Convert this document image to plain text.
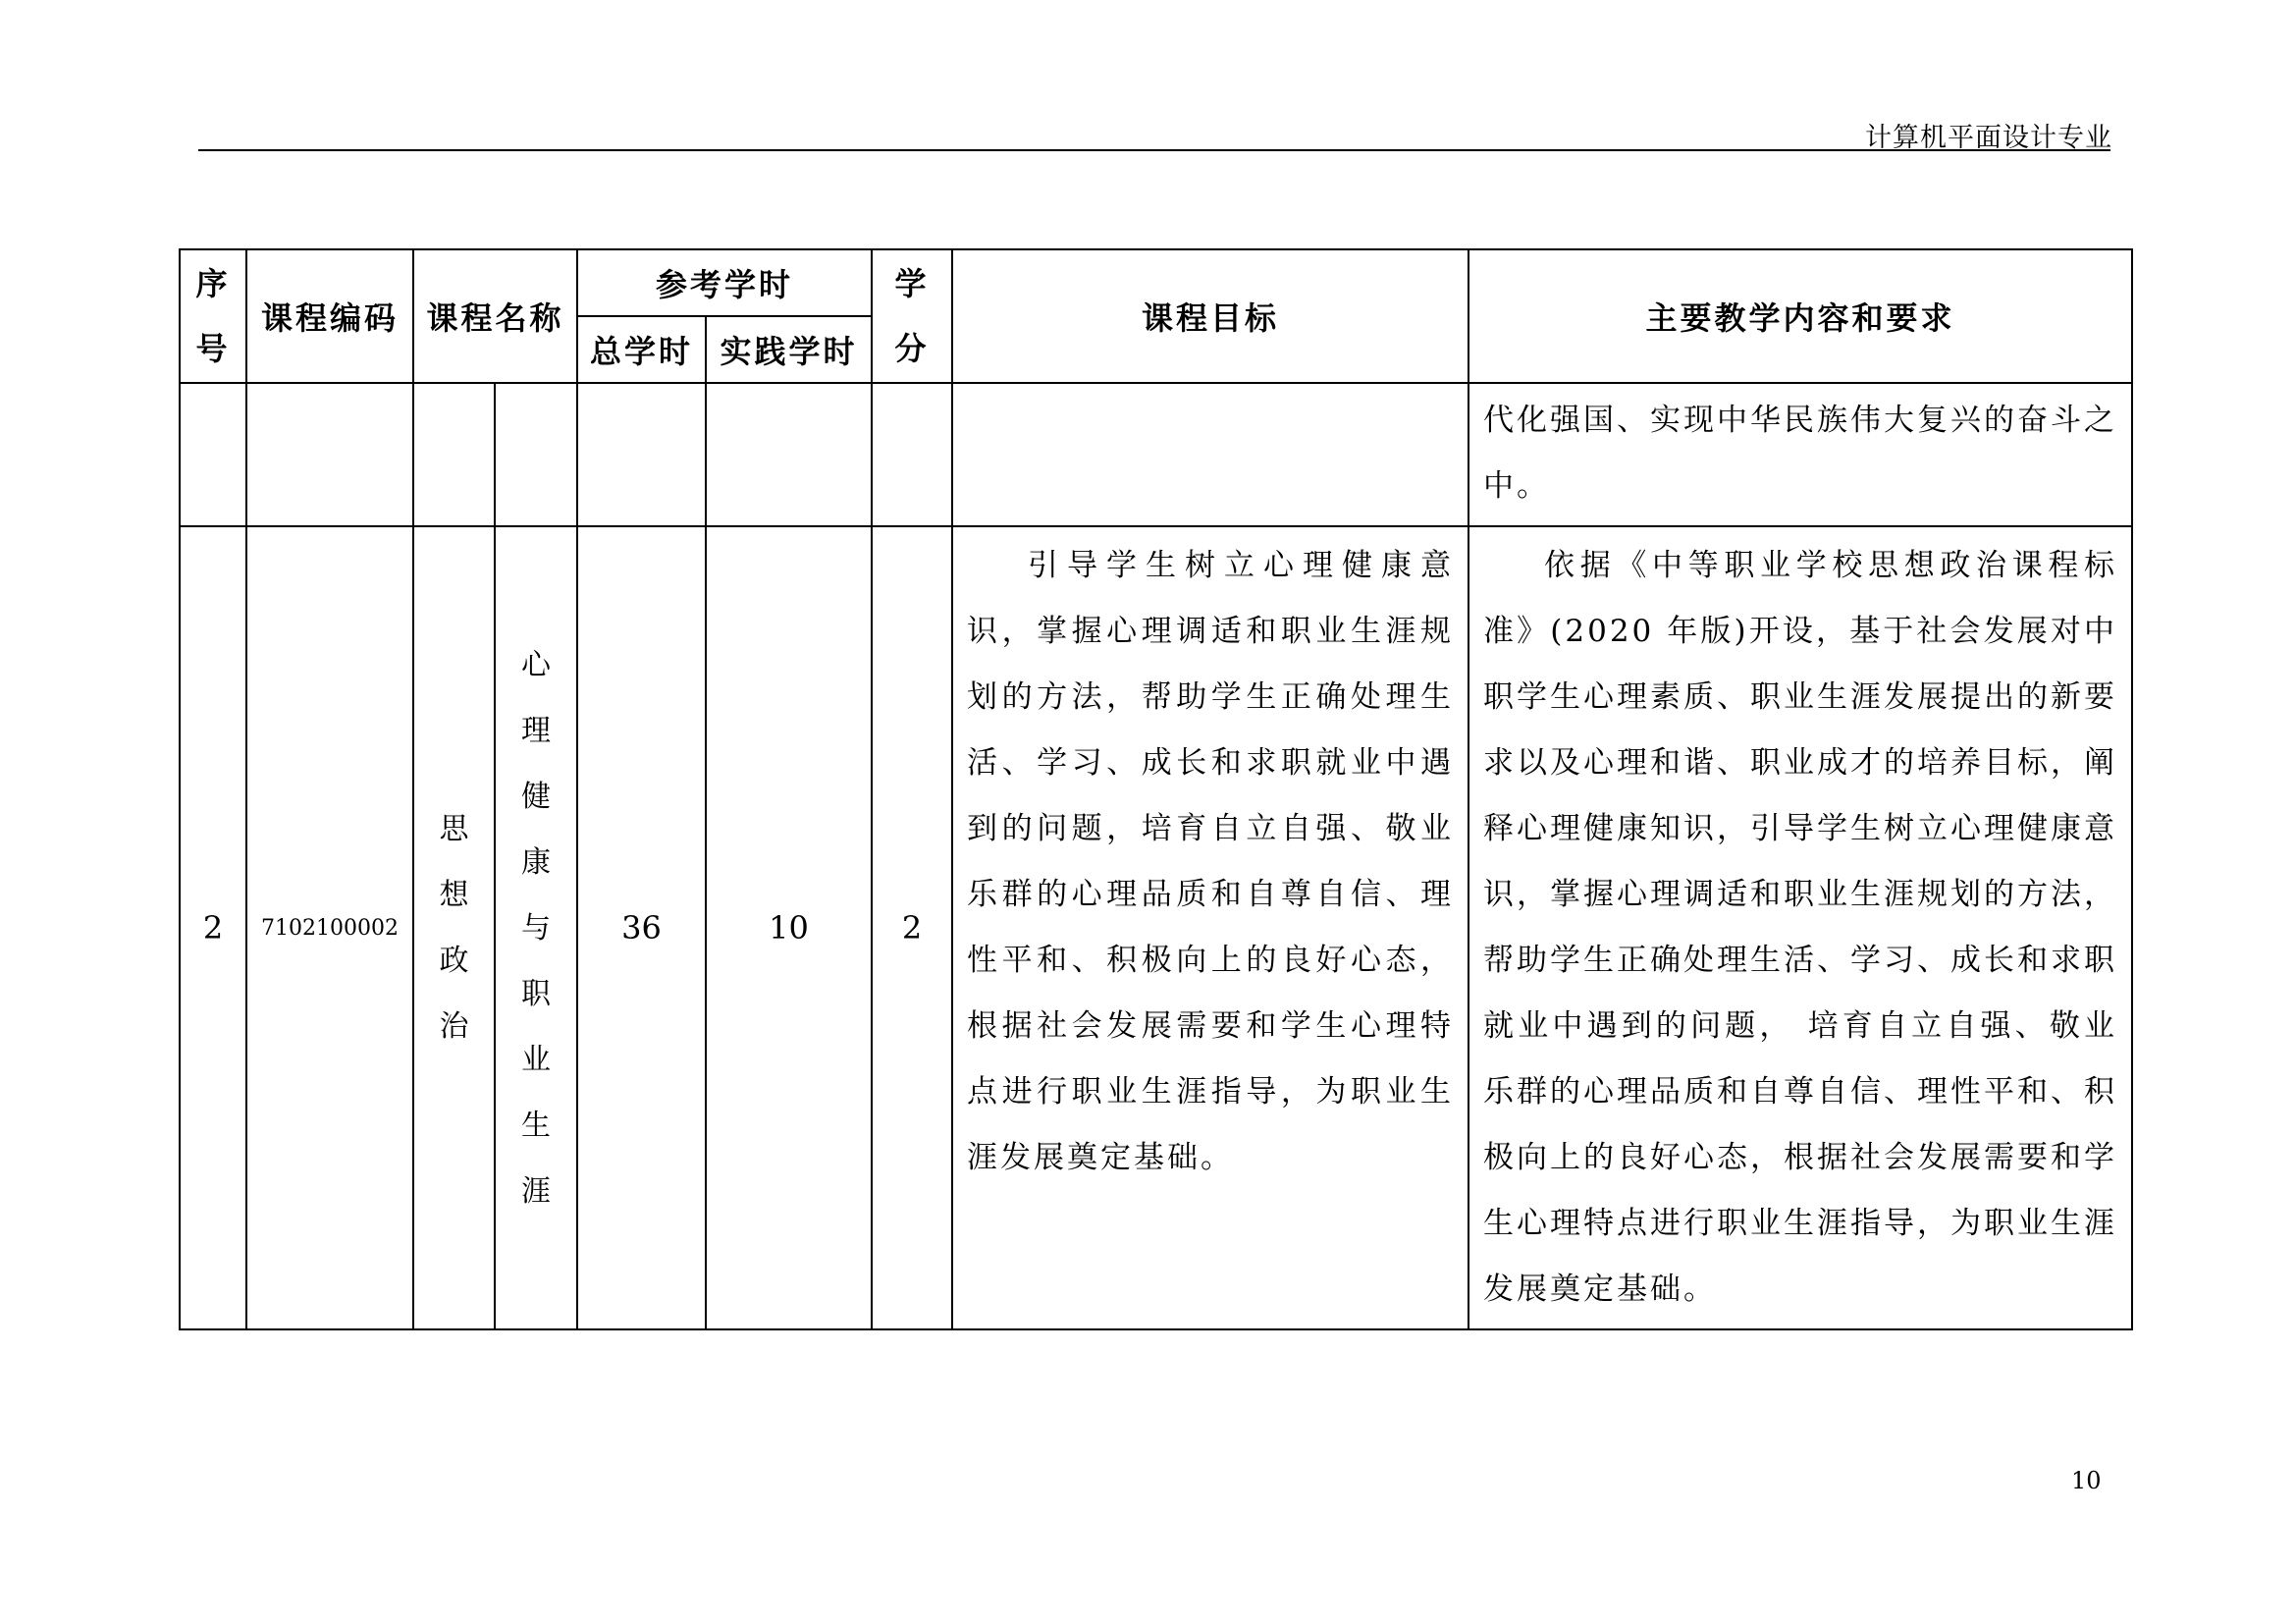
计算机平面设计专业
序号	课程编码	课程名称		参考学时		学分	课程目标	主要教学内容和要求
				总学时	实践学时			
								代化强国、实现中华民族伟大复兴的奋斗之中。
2	7102100002	思想政治	心理健康与职业生涯	36	10	2	引导学生树立心理健康意识，掌握心理调适和职业生涯规划的方法，帮助学生正确处理生活、学习、成长和求职就业中遇到的问题，培育自立自强、敬业乐群的心理品质和自尊自信、理性平和、积极向上的良好心态，根据社会发展需要和学生心理特点进行职业生涯指导，为职业生涯发展奠定基础。	依据《中等职业学校思想政治课程标准》(2020 年版)开设，基于社会发展对中职学生心理素质、职业生涯发展提出的新要求以及心理和谐、职业成才的培养目标，阐释心理健康知识，引导学生树立心理健康意识，掌握心理调适和职业生涯规划的方法，帮助学生正确处理生活、学习、成长和求职就业中遇到的问题， 培育自立自强、敬业乐群的心理品质和自尊自信、理性平和、积极向上的良好心态，根据社会发展需要和学生心理特点进行职业生涯指导，为职业生涯发展奠定基础。
10
